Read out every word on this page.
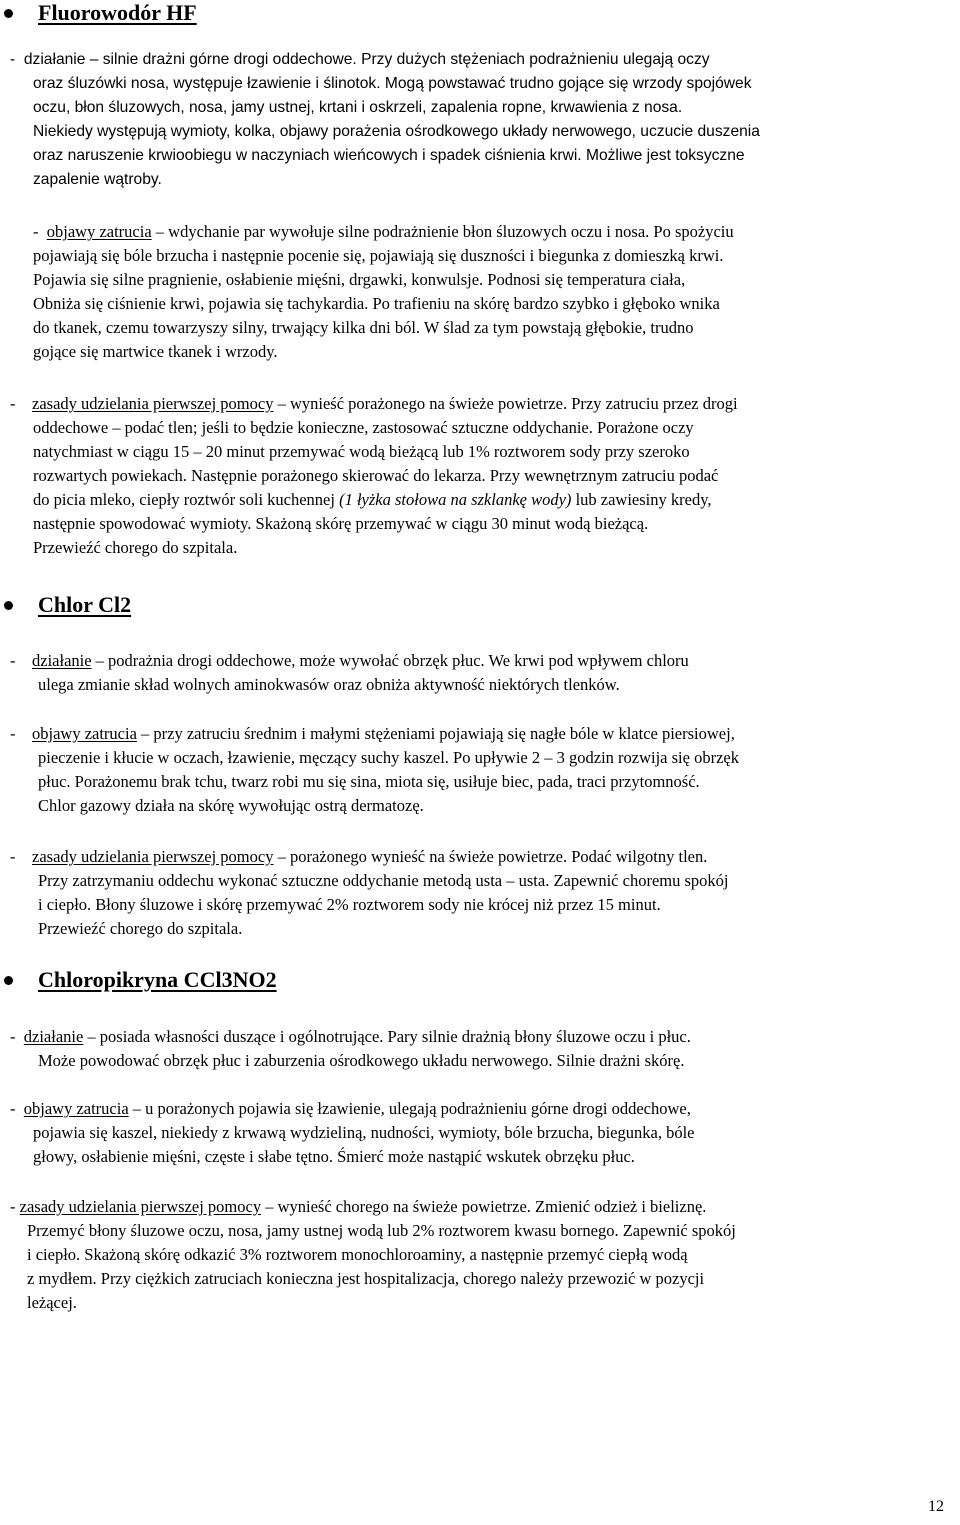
Fluorowodór HF
- działanie – silnie drażni górne drogi oddechowe. Przy dużych stężeniach podrażnieniu ulegają oczy
oraz śluzówki nosa, występuje łzawienie i ślinotok. Mogą powstawać trudno gojące się wrzody spojówek
oczu, błon śluzowych, nosa, jamy ustnej, krtani i oskrzeli, zapalenia ropne, krwawienia z nosa.
Niekiedy występują wymioty, kolka, objawy porażenia ośrodkowego układy nerwowego, uczucie duszenia
oraz naruszenie krwioobiegu w naczyniach wieńcowych i spadek ciśnienia krwi. Możliwe jest toksyczne
zapalenie wątroby.
- objawy zatrucia – wdychanie par wywołuje silne podrażnienie błon śluzowych oczu i nosa. Po spożyciu
pojawiają się bóle brzucha i następnie pocenie się, pojawiają się duszności i biegunka z domieszką krwi.
Pojawia się silne pragnienie, osłabienie mięśni, drgawki, konwulsje. Podnosi się temperatura ciała,
Obniża się ciśnienie krwi, pojawia się tachykardia. Po trafieniu na skórę bardzo szybko i głęboko wnika
do tkanek, czemu towarzyszy silny, trwający kilka dni ból. W ślad za tym powstają głębokie, trudno
gojące się martwice tkanek i wrzody.
- zasady udzielania pierwszej pomocy – wynieść porażonego na świeże powietrze. Przy zatruciu przez drogi
oddechowe – podać tlen; jeśli to będzie konieczne, zastosować sztuczne oddychanie. Porażone oczy
natychmiast w ciągu 15 – 20 minut przemywać wodą bieżącą lub 1% roztworem sody przy szeroko
rozwartych powiekach. Następnie porażonego skierować do lekarza. Przy wewnętrznym zatruciu podać
do picia mleko, ciepły roztwór soli kuchennej (1 łyżka stołowa na szklankę wody) lub zawiesiny kredy,
następnie spowodować wymioty. Skażoną skórę przemywać w ciągu 30 minut wodą bieżącą.
Przewieźć chorego do szpitala.
Chlor Cl2
- działanie – podrażnia drogi oddechowe, może wywołać obrzęk płuc. We krwi pod wpływem chloru
ulega zmianie skład wolnych aminokwasów oraz obniża aktywność niektórych tlenków.
- objawy zatrucia – przy zatruciu średnim i małymi stężeniami pojawiają się nagłe bóle w klatce piersiowej,
pieczenie i kłucie w oczach, łzawienie, męczący suchy kaszel. Po upływie 2 – 3 godzin rozwija się obrzęk
płuc. Porażonemu brak tchu, twarz robi mu się sina, miota się, usiłuje biec, pada, traci przytomność.
Chlor gazowy działa na skórę wywołując ostrą dermatozę.
- zasady udzielania pierwszej pomocy – porażonego wynieść na świeże powietrze. Podać wilgotny tlen.
Przy zatrzymaniu oddechu wykonać sztuczne oddychanie metodą usta – usta. Zapewnić choremu spokój
i ciepło. Błony śluzowe i skórę przemywać 2% roztworem sody nie krócej niż przez 15 minut.
Przewieźć chorego do szpitala.
Chloropikryna CCl3NO2
- działanie – posiada własności duszące i ogólnotrujące. Pary silnie drażnią błony śluzowe oczu i płuc.
Może powodować obrzęk płuc i zaburzenia ośrodkowego układu nerwowego. Silnie drażni skórę.
- objawy zatrucia – u porażonych pojawia się łzawienie, ulegają podrażnieniu górne drogi oddechowe,
pojawia się kaszel, niekiedy z krwawą wydzieliną, nudności, wymioty, bóle brzucha, biegunka, bóle
głowy, osłabienie mięśni, częste i słabe tętno. Śmierć może nastąpić wskutek obrzęku płuc.
- zasady udzielania pierwszej pomocy – wynieść chorego na świeże powietrze. Zmienić odzież i bieliznę.
Przemyć błony śluzowe oczu, nosa, jamy ustnej wodą lub 2% roztworem kwasu bornego. Zapewnić spokój
i ciepło. Skażoną skórę odkazić 3% roztworem monochloroaminy, a następnie przemyć ciepłą wodą
z mydłem. Przy ciężkich zatruciach konieczna jest hospitalizacja, chorego należy przewozić w pozycji
leżącej.
12
